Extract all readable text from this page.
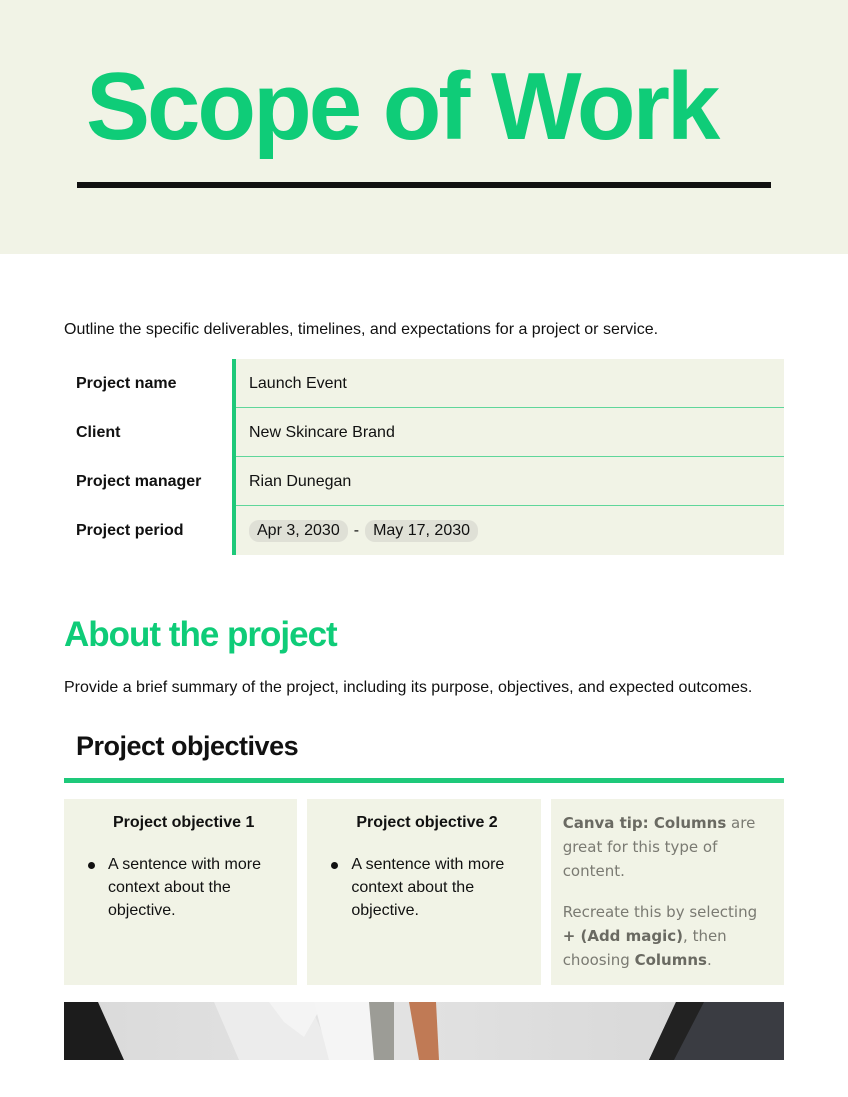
Scope of Work
Outline the specific deliverables, timelines, and expectations for a project or service.
Project name	Launch Event
Client	New Skincare Brand
Project manager	Rian Dunegan
Project period	Apr 3, 2030 - May 17, 2030
About the project
Provide a brief summary of the project, including its purpose, objectives, and expected outcomes.
Project objectives
Project objective 1
A sentence with more context about the objective.
Project objective 2
A sentence with more context about the objective.
Canva tip: Columns are great for this type of content.
Recreate this by selecting + (Add magic), then choosing Columns.
